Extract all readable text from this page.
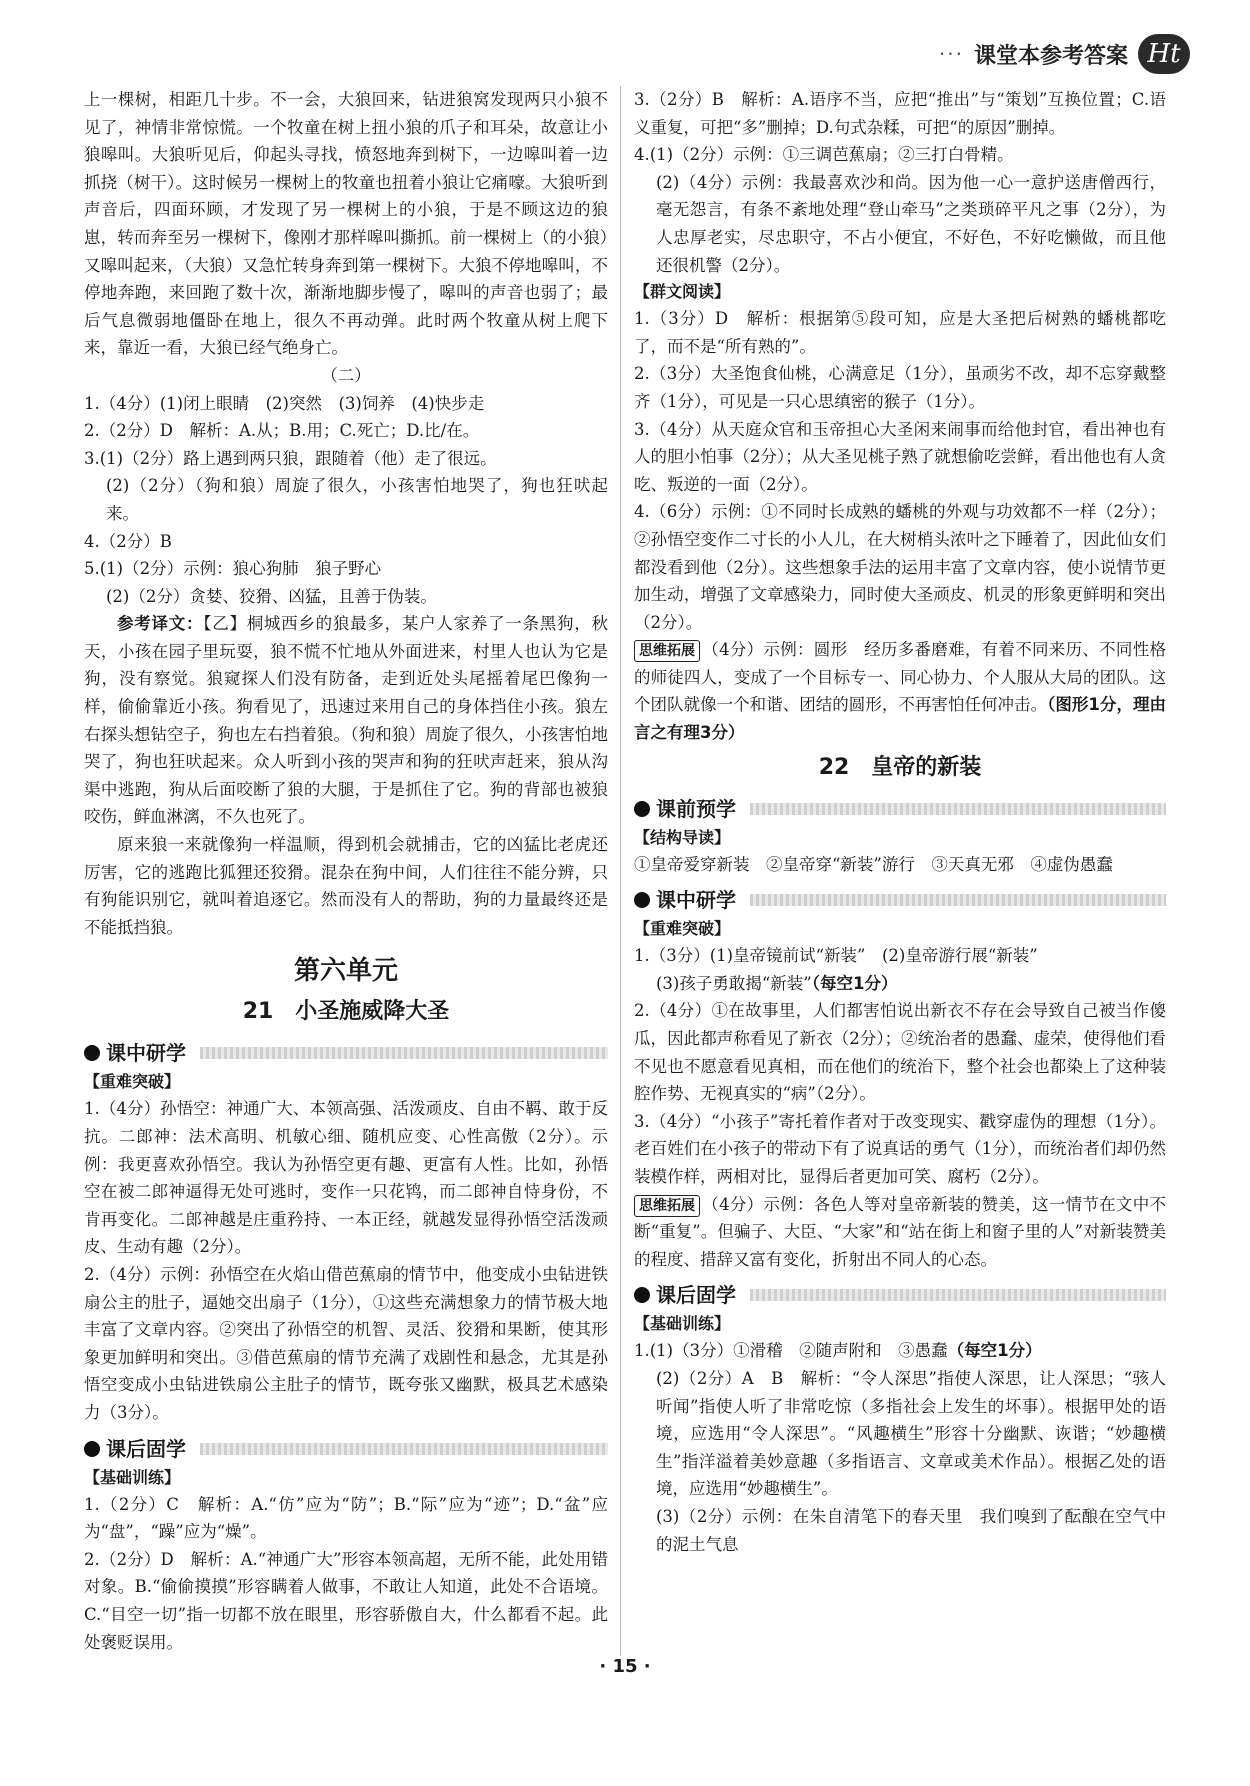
··· 课堂本参考答案 Ht

上一棵树，相距几十步。不一会，大狼回来，钻进狼窝发现两只小狼不见了，神情非常惊慌。一个牧童在树上扭小狼的爪子和耳朵，故意让小狼嗥叫。大狼听见后，仰起头寻找，愤怒地奔到树下，一边嗥叫着一边抓挠（树干）。这时候另一棵树上的牧童也扭着小狼让它痛嚎。大狼听到声音后，四面环顾，才发现了另一棵树上的小狼，于是不顾这边的狼崽，转而奔至另一棵树下，像刚才那样嗥叫撕抓。前一棵树上（的小狼）又嗥叫起来，（大狼）又急忙转身奔到第一棵树下。大狼不停地嗥叫，不停地奔跑，来回跑了数十次，渐渐地脚步慢了，嗥叫的声音也弱了；最后气息微弱地僵卧在地上，很久不再动弹。此时两个牧童从树上爬下来，靠近一看，大狼已经气绝身亡。

（二）

1.（4分）(1)闭上眼睛　(2)突然　(3)饲养　(4)快步走

2.（2分）D　解析：A.从；B.用；C.死亡；D.比/在。

3.(1)（2分）路上遇到两只狼，跟随着（他）走了很远。

(2)（2分）（狗和狼）周旋了很久，小孩害怕地哭了，狗也狂吠起来。

4.（2分）B

5.(1)（2分）示例：狼心狗肺　狼子野心

(2)（2分）贪婪、狡猾、凶猛，且善于伪装。

参考译文：【乙】桐城西乡的狼最多，某户人家养了一条黑狗，秋天，小孩在园子里玩耍，狼不慌不忙地从外面进来，村里人也认为它是狗，没有察觉。狼窥探人们没有防备，走到近处头尾摇着尾巴像狗一样，偷偷靠近小孩。狗看见了，迅速过来用自己的身体挡住小孩。狼左右探头想钻空子，狗也左右挡着狼。（狗和狼）周旋了很久，小孩害怕地哭了，狗也狂吠起来。众人听到小孩的哭声和狗的狂吠声赶来，狼从沟渠中逃跑，狗从后面咬断了狼的大腿，于是抓住了它。狗的背部也被狼咬伤，鲜血淋漓，不久也死了。

原来狼一来就像狗一样温顺，得到机会就捕击，它的凶猛比老虎还厉害，它的逃跑比狐狸还狡猾。混杂在狗中间，人们往往不能分辨，只有狗能识别它，就叫着追逐它。然而没有人的帮助，狗的力量最终还是不能抵挡狼。

第六单元
21　小圣施威降大圣
课中研学
【重难突破】

1.（4分）孙悟空：神通广大、本领高强、活泼顽皮、自由不羁、敢于反抗。二郎神：法术高明、机敏心细、随机应变、心性高傲（2分）。示例：我更喜欢孙悟空。我认为孙悟空更有趣、更富有人性。比如，孙悟空在被二郎神逼得无处可逃时，变作一只花鸨，而二郎神自恃身份，不肯再变化。二郎神越是庄重矜持、一本正经，就越发显得孙悟空活泼顽皮、生动有趣（2分）。

2.（4分）示例：孙悟空在火焰山借芭蕉扇的情节中，他变成小虫钻进铁扇公主的肚子，逼她交出扇子（1分），①这些充满想象力的情节极大地丰富了文章内容。②突出了孙悟空的机智、灵活、狡猾和果断，使其形象更加鲜明和突出。③借芭蕉扇的情节充满了戏剧性和悬念，尤其是孙悟空变成小虫钻进铁扇公主肚子的情节，既夸张又幽默，极具艺术感染力（3分）。

课后固学
【基础训练】

1.（2分）C　解析：A.“仿”应为“防”；B.“际”应为“迹”；D.“盆”应为“盘”，“躁”应为“燥”。

2.（2分）D　解析：A.“神通广大”形容本领高超，无所不能，此处用错对象。B.“偷偷摸摸”形容瞒着人做事，不敢让人知道，此处不合语境。C.“目空一切”指一切都不放在眼里，形容骄傲自大，什么都看不起。此处褒贬误用。

3.（2分）B　解析：A.语序不当，应把“推出”与“策划”互换位置；C.语义重复，可把“多”删掉；D.句式杂糅，可把“的原因”删掉。

4.(1)（2分）示例：①三调芭蕉扇；②三打白骨精。

(2)（4分）示例：我最喜欢沙和尚。因为他一心一意护送唐僧西行，毫无怨言，有条不紊地处理“登山牵马”之类琐碎平凡之事（2分），为人忠厚老实，尽忠职守，不占小便宜，不好色，不好吃懒做，而且他还很机警（2分）。

【群文阅读】

1.（3分）D　解析：根据第⑤段可知，应是大圣把后树熟的蟠桃都吃了，而不是“所有熟的”。

2.（3分）大圣饱食仙桃，心满意足（1分），虽顽劣不改，却不忘穿戴整齐（1分），可见是一只心思缜密的猴子（1分）。

3.（4分）从天庭众官和玉帝担心大圣闲来闹事而给他封官，看出神也有人的胆小怕事（2分）；从大圣见桃子熟了就想偷吃尝鲜，看出他也有人贪吃、叛逆的一面（2分）。

4.（6分）示例：①不同时长成熟的蟠桃的外观与功效都不一样（2分）；②孙悟空变作二寸长的小人儿，在大树梢头浓叶之下睡着了，因此仙女们都没看到他（2分）。这些想象手法的运用丰富了文章内容，使小说情节更加生动，增强了文章感染力，同时使大圣顽皮、机灵的形象更鲜明和突出（2分）。

思维拓展 （4分）示例：圆形　经历多番磨难，有着不同来历、不同性格的师徒四人，变成了一个目标专一、同心协力、个人服从大局的团队。这个团队就像一个和谐、团结的圆形，不再害怕任何冲击。（图形1分，理由言之有理3分）

22　皇帝的新装
课前预学
【结构导读】

①皇帝爱穿新装　②皇帝穿“新装”游行　③天真无邪　④虚伪愚蠢

课中研学
【重难突破】

1.（3分）(1)皇帝镜前试“新装”　(2)皇帝游行展“新装”

(3)孩子勇敢揭“新装”（每空1分）

2.（4分）①在故事里，人们都害怕说出新衣不存在会导致自己被当作傻瓜，因此都声称看见了新衣（2分）；②统治者的愚蠢、虚荣，使得他们看不见也不愿意看见真相，而在他们的统治下，整个社会也都染上了这种装腔作势、无视真实的“病”（2分）。

3.（4分）“小孩子”寄托着作者对于改变现实、戳穿虚伪的理想（1分）。老百姓们在小孩子的带动下有了说真话的勇气（1分），而统治者们却仍然装模作样，两相对比，显得后者更加可笑、腐朽（2分）。

思维拓展 （4分）示例：各色人等对皇帝新装的赞美，这一情节在文中不断“重复”。但骗子、大臣、“大家”和“站在街上和窗子里的人”对新装赞美的程度、措辞又富有变化，折射出不同人的心态。

课后固学
【基础训练】

1.(1)（3分）①滑稽　②随声附和　③愚蠢（每空1分）

(2)（2分）A　B　解析：“令人深思”指使人深思，让人深思；“骇人听闻”指使人听了非常吃惊（多指社会上发生的坏事）。根据甲处的语境，应选用“令人深思”。“风趣横生”形容十分幽默、诙谐；“妙趣横生”指洋溢着美妙意趣（多指语言、文章或美术作品）。根据乙处的语境，应选用“妙趣横生”。

(3)（2分）示例：在朱自清笔下的春天里　我们嗅到了酝酿在空气中的泥土气息

· 15 ·
